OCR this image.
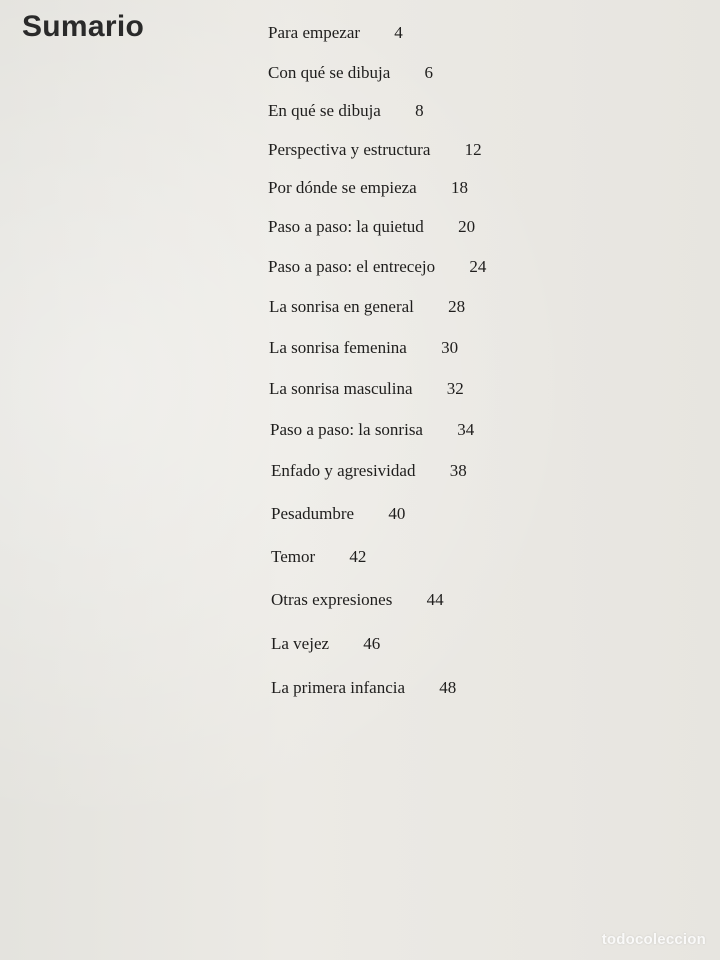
Sumario	Para empezar 4
Con qué se dibuja 6
En qué se dibuja 8
Perspectiva y estructura 12
Por dónde se empieza 18
Paso a paso: la quietud 20
Paso a paso: el entrecejo 24
La sonrisa en general 28
La sonrisa femenina 30
La sonrisa masculina 32
Paso a paso: la sonrisa 34
Enfado y agresividad 38
Pesadumbre 40
Temor 42
Otras expresiones 44
La vejez 46
La primera infancia 48
todocoleccion
